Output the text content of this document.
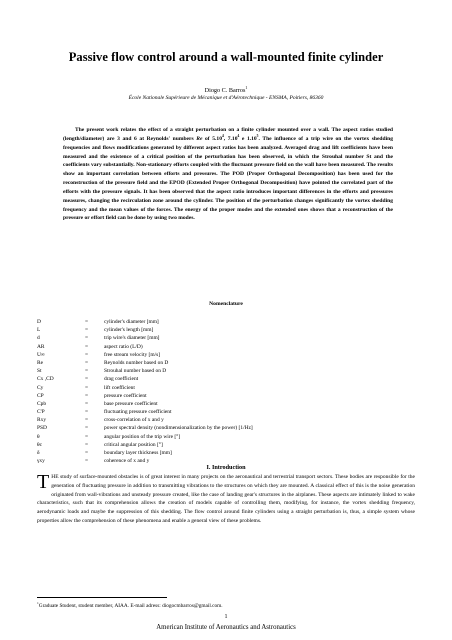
Passive flow control around a wall-mounted finite cylinder
Diogo C. Barros$^1$
École Nationale Supérieure de Mécanique et d'Aérotechnique - ENSMA, Poitiers, 86360
The present work relates the effect of a straight perturbation on a finite cylinder mounted over a wall. The aspect ratios studied (length/diameter) are 3 and 6 at Reynolds' numbers Re of 5.10$^4$, 7.10$^4$ e 1.10$^5$. The influence of a trip wire on the vortex shedding frequencies and flows modifications generated by different aspect ratios has been analyzed. Averaged drag and lift coefficients have been measured and the existence of a critical position of the perturbation has been observed, in which the Strouhal number St and the coefficients vary substantially. Non-stationary efforts coupled with the fluctuant pressure field on the wall have been measured. The results show an important correlation between efforts and pressures. The POD (Proper Orthogonal Decomposition) has been used for the reconstruction of the pressure field and the EPOD (Extended Proper Orthogonal Decomposition) have pointed the correlated part of the efforts with the pressure signals. It has been observed that the aspect ratio introduces important differences in the efforts and pressures measures, changing the recirculation zone around the cylinder. The position of the perturbation changes significantly the vortex shedding frequency and the mean values of the forces. The energy of the proper modes and the extended ones shows that a reconstruction of the pressure or effort field can be done by using two modes.
Nomenclature
D	=	cylinder's diameter [mm]
L	=	cylinder's length [mm]
d	=	trip wire's diameter [mm]
AR	=	aspect ratio (L/D)
U∞	=	free stream velocity [m/s]
Re	=	Reynolds number based on D
St	=	Strouhal number based on D
Cx ,CD	=	drag coefficient
Cy	=	lift coefficient
CP	=	pressure coefficient
Cpb	=	base pressure coefficient
C'P	=	fluctuating pressure coefficient
Rxy	=	cross-correlation of x and y
PSD	=	power spectral density (nondimensionalization by the power) [1/Hz]
θ	=	angular position of the trip wire [°]
θc	=	critical angular position [°]
δ	=	boundary layer thickness [mm]
γxy	=	coherence of x and y
I. Introduction
THE study of surface-mounted obstacles is of great interest in many projects on the aeronautical and terrestrial transport sectors. These bodies are responsible for the generation of fluctuating pressure in addition to transmitting vibrations to the structures on which they are mounted. A classical effect of this is the noise generation originated from wall-vibrations and unsteady pressure created, like the case of landing gear's structures in the airplanes. These aspects are intimately linked to wake characteristics, such that its comprehension allows the creation of models capable of controlling them, modifying, for instance, the vortex shedding frequency, aerodynamic loads and maybe the suppression of this shedding. The flow control around finite cylinders using a straight perturbation is, thus, a simple system whose properties allow the comprehension of these phenomena and enable a general view of these problems.
$^1$Graduate Student, student member, AIAA. E-mail adress: diogocmbarros@gmail.com.
1
American Institute of Aeronautics and Astronautics
